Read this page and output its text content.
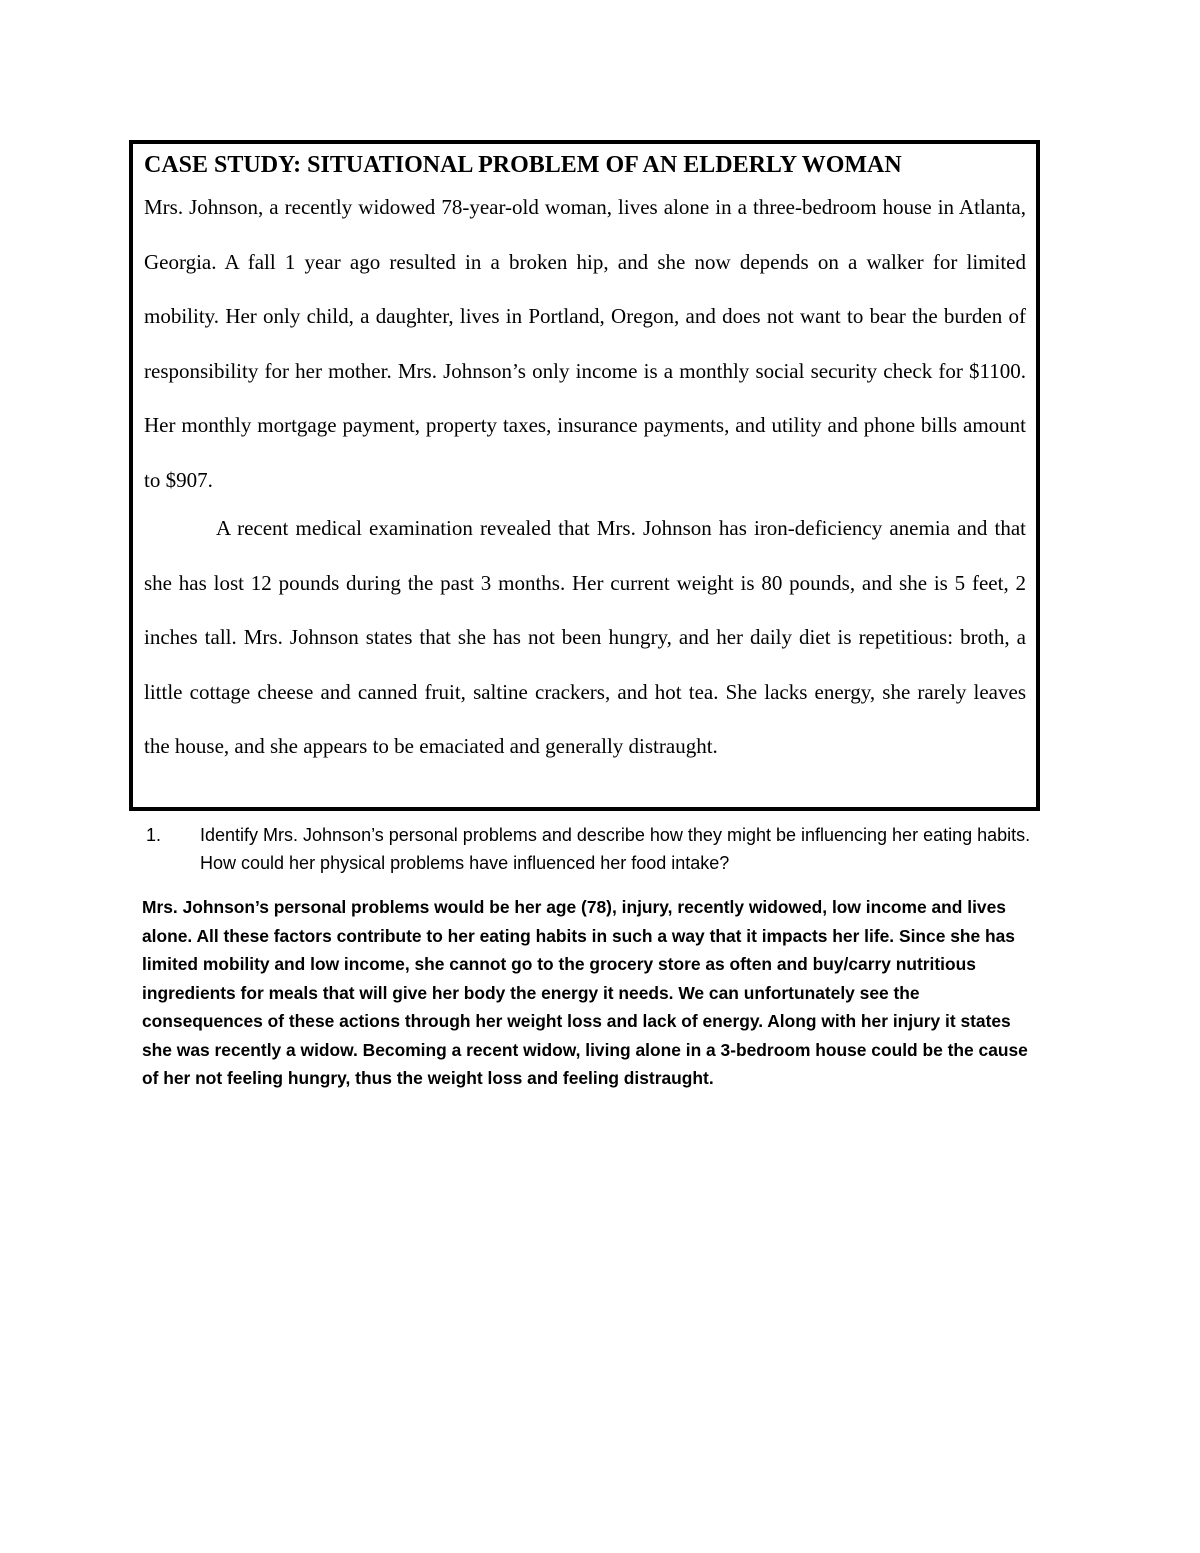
CASE STUDY: SITUATIONAL PROBLEM OF AN ELDERLY WOMAN

Mrs. Johnson, a recently widowed 78-year-old woman, lives alone in a three-bedroom house in Atlanta, Georgia. A fall 1 year ago resulted in a broken hip, and she now depends on a walker for limited mobility. Her only child, a daughter, lives in Portland, Oregon, and does not want to bear the burden of responsibility for her mother. Mrs. Johnson’s only income is a monthly social security check for $1100. Her monthly mortgage payment, property taxes, insurance payments, and utility and phone bills amount to $907.

A recent medical examination revealed that Mrs. Johnson has iron-deficiency anemia and that she has lost 12 pounds during the past 3 months. Her current weight is 80 pounds, and she is 5 feet, 2 inches tall. Mrs. Johnson states that she has not been hungry, and her daily diet is repetitious: broth, a little cottage cheese and canned fruit, saltine crackers, and hot tea. She lacks energy, she rarely leaves the house, and she appears to be emaciated and generally distraught.

1. Identify Mrs. Johnson’s personal problems and describe how they might be influencing her eating habits. How could her physical problems have influenced her food intake?

Mrs. Johnson’s personal problems would be her age (78), injury, recently widowed, low income and lives alone. All these factors contribute to her eating habits in such a way that it impacts her life. Since she has limited mobility and low income, she cannot go to the grocery store as often and buy/carry nutritious ingredients for meals that will give her body the energy it needs. We can unfortunately see the consequences of these actions through her weight loss and lack of energy. Along with her injury it states she was recently a widow. Becoming a recent widow, living alone in a 3-bedroom house could be the cause of her not feeling hungry, thus the weight loss and feeling distraught.
